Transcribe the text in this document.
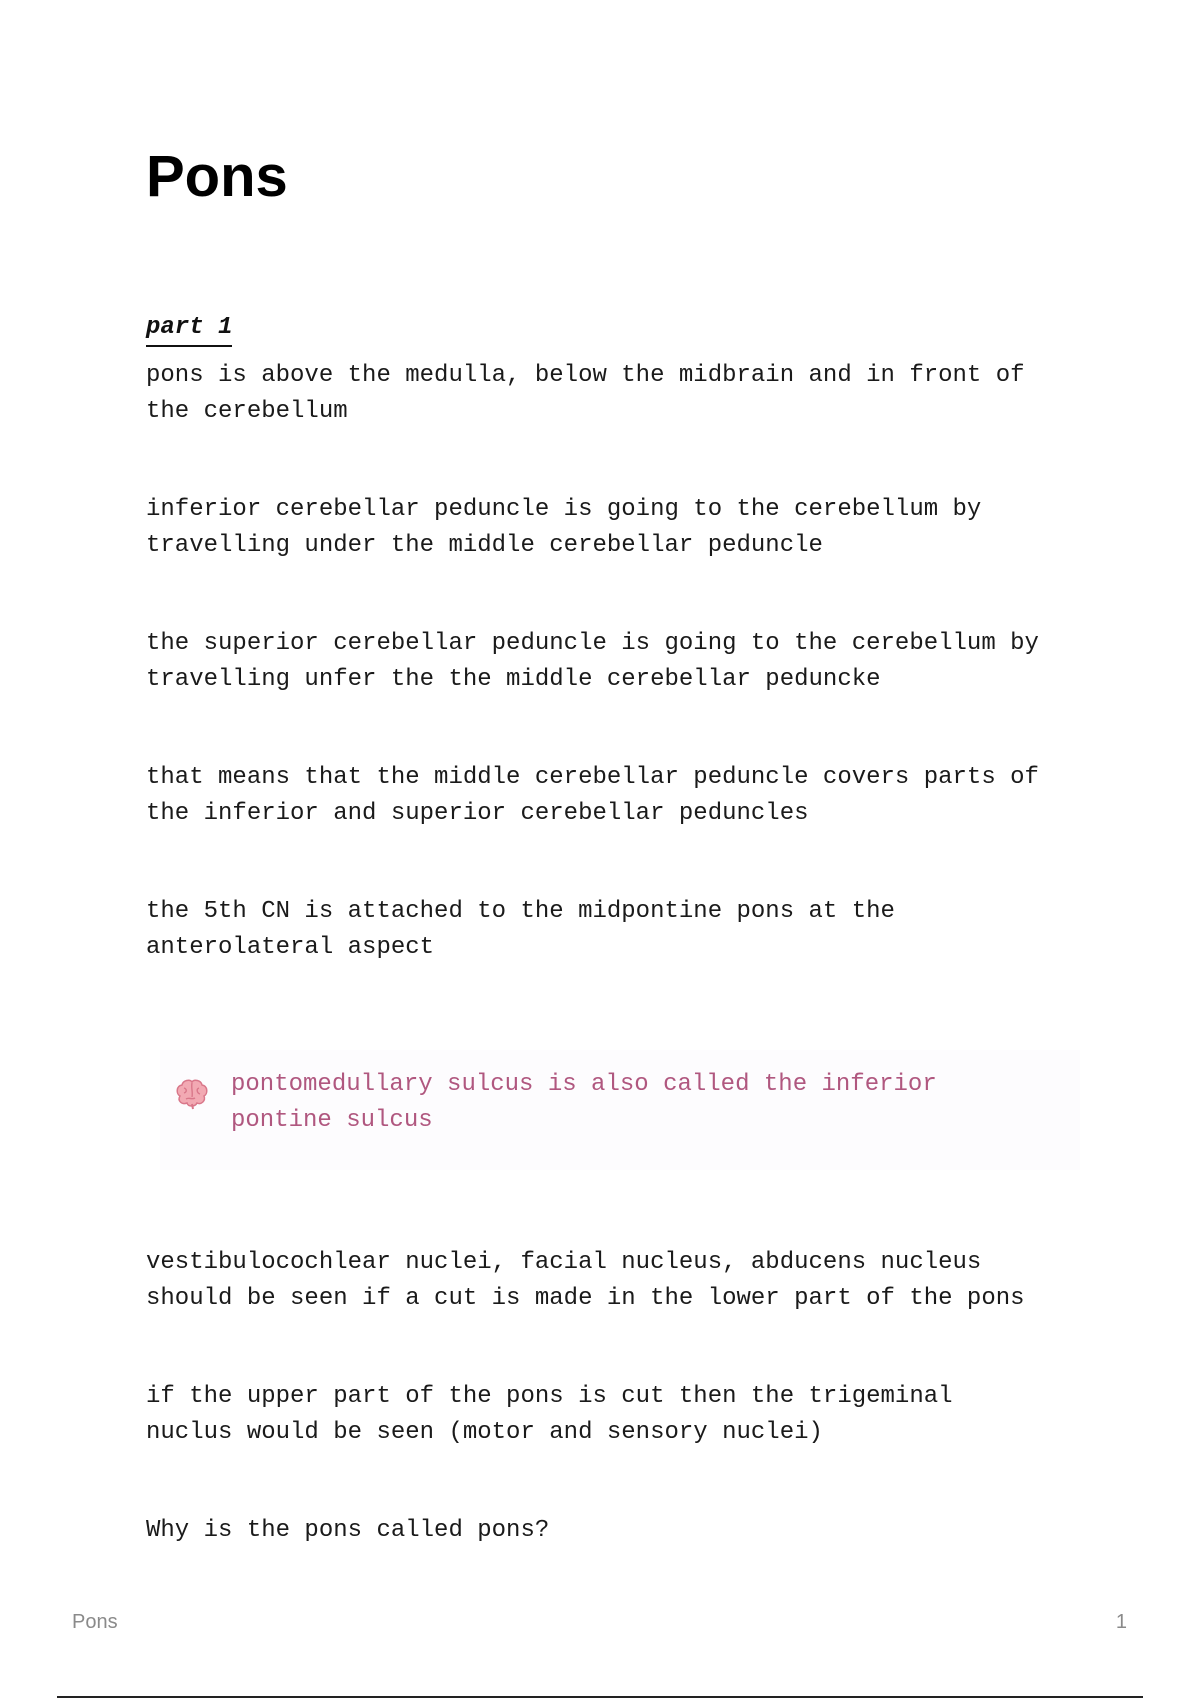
Pons
part 1

pons is above the medulla, below the midbrain and in front of
the cerebellum

inferior cerebellar peduncle is going to the cerebellum by
travelling under the middle cerebellar peduncle

the superior cerebellar peduncle is going to the cerebellum by
travelling unfer the the middle cerebellar peduncke

that means that the middle cerebellar peduncle covers parts of
the inferior and superior cerebellar peduncles

the 5th CN is attached to the midpontine pons at the
anterolateral aspect

pontomedullary sulcus is also called the inferior
pontine sulcus

vestibulocochlear nuclei, facial nucleus, abducens nucleus
should be seen if a cut is made in the lower part of the pons

if the upper part of the pons is cut then the trigeminal
nuclus would be seen (motor and sensory nuclei)

Why is the pons called pons?

Pons	1
